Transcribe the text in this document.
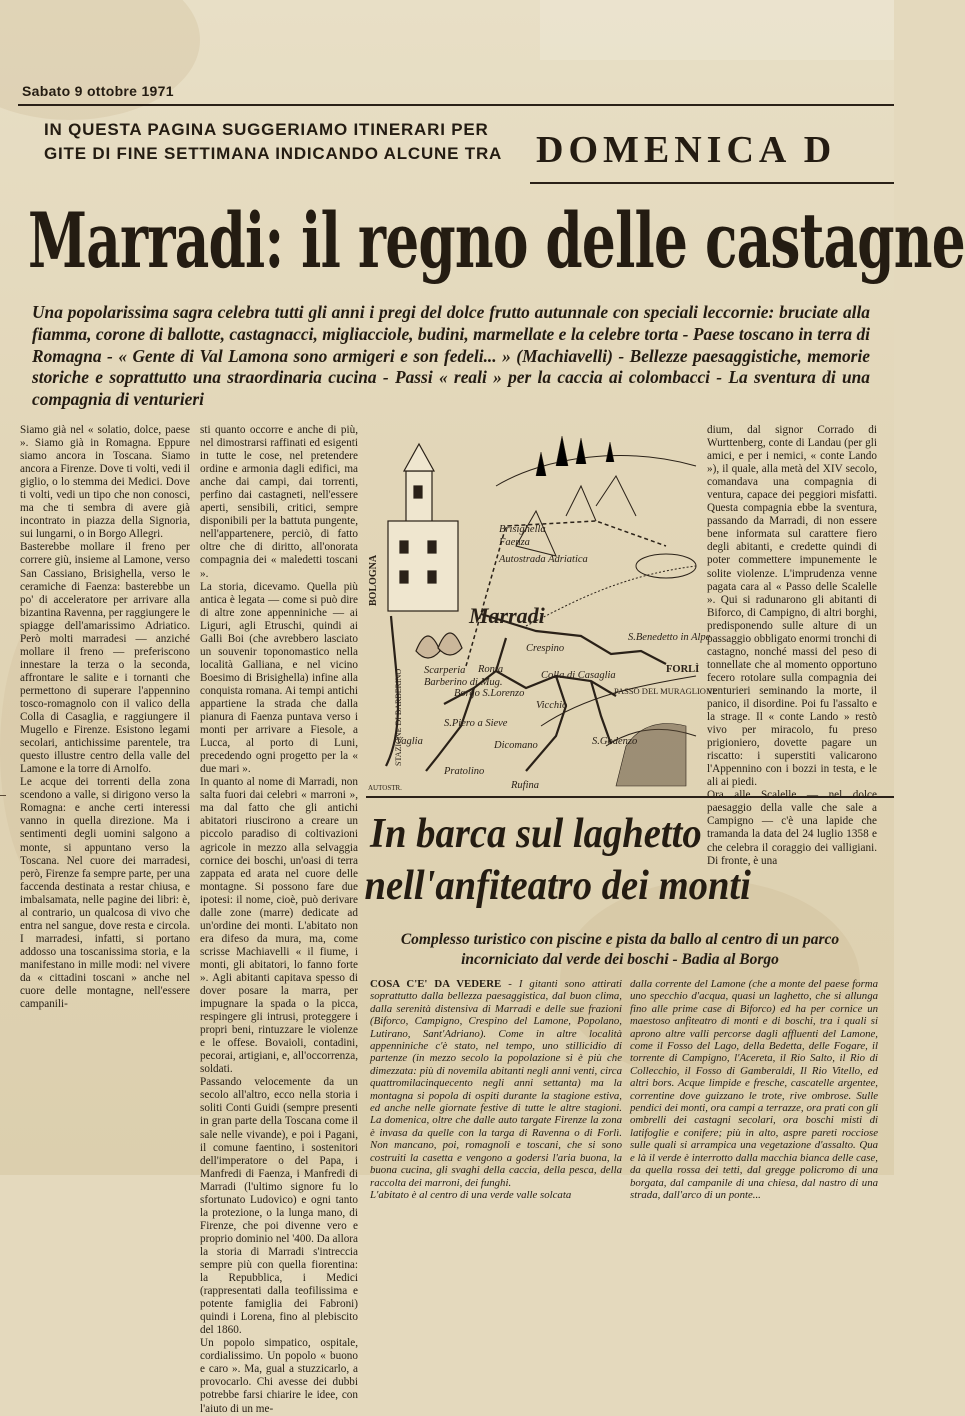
Sabato 9 ottobre 1971
IN QUESTA PAGINA SUGGERIAMO ITINERARI PER
GITE DI FINE SETTIMANA INDICANDO ALCUNE TRA DOMENICA D
Marradi: il regno delle castagne
Una popolarissima sagra celebra tutti gli anni i pregi del dolce frutto autunnale con speciali leccornie: bruciate alla fiamma, corone di ballotte, castagnacci, migliacciole, budini, marmellate e la celebre torta - Paese toscano in terra di Romagna - « Gente di Val Lamona sono armigeri e son fedeli... » (Machiavelli) - Bellezze paesaggistiche, memorie storiche e soprattutto una straordinaria cucina - Passi « reali » per la caccia ai colombacci - La sventura di una compagnia di venturieri
Siamo già nel « solatio, dolce, paese ». Siamo già in Romagna. Eppure siamo ancora in Toscana. Siamo ancora a Firenze. Dove ti volti, vedi il giglio, o lo stemma dei Medici. Dove ti volti, vedi un tipo che non conosci, ma che ti sembra di avere già incontrato in piazza della Signoria, sui lungarni, o in Borgo Allegri.
Basterebbe mollare il freno per correre giù, insieme al Lamone, verso San Cassiano, Brisighella, verso le ceramiche di Faenza: basterebbe un po' di acceleratore per arrivare alla bizantina Ravenna, per raggiungere le spiagge dell'amarissimo Adriatico. Però molti marradesi — anziché mollare il freno — preferiscono innestare la terza o la seconda, affrontare le salite e i tornanti che permettono di superare l'appennino tosco-romagnolo con il valico della Colla di Casaglia, e raggiungere il Mugello e Firenze. Esistono legami secolari, antichissime parentele, tra questo illustre centro della valle del Lamone e la torre di Arnolfo.
Le acque dei torrenti della zona scendono a valle, si dirigono verso la Romagna: e anche certi interessi vanno in quella direzione. Ma i sentimenti degli uomini salgono a monte, si appuntano verso la Toscana. Nel cuore dei marradesi, però, Firenze fa sempre parte, per una faccenda destinata a restar chiusa, e imbalsamata, nelle pagine dei libri: è, al contrario, un qualcosa di vivo che entra nel sangue, dove resta e circola. I marradesi, infatti, si portano addosso una toscanissima storia, e la manifestano in mille modi: nel vivere da « cittadini toscani » anche nel cuore delle montagne, nell'essere campanili-
sti quanto occorre e anche di più, nel dimostrarsi raffinati ed esigenti in tutte le cose, nel pretendere ordine e armonia dagli edifici, ma anche dai campi, dai torrenti, perfino dai castagneti, nell'essere aperti, sensibili, critici, sempre disponibili per la battuta pungente, nell'appartenere, perciò, di fatto oltre che di diritto, all'onorata compagnia dei « maledetti toscani ».
La storia, dicevamo. Quella più antica è legata — come si può dire di altre zone appenniniche — ai Liguri, agli Etruschi, quindi ai Galli Boi (che avrebbero lasciato un souvenir toponomastico nella località Galliana, e nel vicino Boesimo di Brisighella) infine alla conquista romana. Ai tempi antichi appartiene la strada che dalla pianura di Faenza puntava verso i monti per arrivare a Fiesole, a Lucca, al porto di Luni, precedendo ogni progetto per la « due mari ».
In quanto al nome di Marradi, non salta fuori dai celebri « marroni », ma dal fatto che gli antichi abitatori riuscirono a creare un piccolo paradiso di coltivazioni agricole in mezzo alla selvaggia cornice dei boschi, un'oasi di terra zappata ed arata nel cuore delle montagne. Si possono fare due ipotesi: il nome, cioè, può derivare dalle zone (marre) dedicate ad un'ordine dei monti. L'abitato non era difeso da mura, ma, come scrisse Machiavelli « il fiume, i monti, gli abitatori, lo fanno forte ». Agli abitanti capitava spesso di dover posare la marra, per impugnare la spada o la picca, respingere gli intrusi, proteggere i propri beni, rintuzzare le violenze e le offese. Bovaioli, contadini, pecorai, artigiani, e, all'occorrenza, soldati.
Passando velocemente da un secolo all'altro, ecco nella storia i soliti Conti Guidi (sempre presenti in gran parte della Toscana come il sale nelle vivande), e poi i Pagani, il comune faentino, i sostenitori dell'imperatore o del Papa, i Manfredi di Faenza, i Manfredi di Marradi (l'ultimo signore fu lo sfortunato Ludovico) e ogni tanto la protezione, o la lunga mano, di Firenze, che poi divenne vero e proprio dominio nel '400. Da allora la storia di Marradi s'intreccia sempre più con quella fiorentina: la Repubblica, i Medici (rappresentati dalla teofilissima e potente famiglia dei Fabroni) quindi i Lorena, fino al plebiscito del 1860.
Un popolo simpatico, ospitale, cordialissimo. Un popolo « buono e caro ». Ma, gual a stuzzicarlo, a provocarlo. Chi avesse dei dubbi potrebbe farsi chiarire le idee, con l'aiuto di un me-
dium, dal signor Corrado di Wurttenberg, conte di Landau (per gli amici, e per i nemici, « conte Lando »), il quale, alla metà del XIV secolo, comandava una compagnia di ventura, capace dei peggiori misfatti. Questa compagnia ebbe la sventura, passando da Marradi, di non essere bene informata sul carattere fiero degli abitanti, e credette quindi di poter commettere impunemente le solite violenze. L'imprudenza venne pagata cara al « Passo delle Scalelle ». Qui si radunarono gli abitanti di Biforco, di Campigno, di altri borghi, predisponendo sulle alture di un passaggio obbligato enormi tronchi di castagno, nonché massi del peso di tonnellate che al momento opportuno fecero rotolare sulla compagnia dei venturieri seminando la morte, il panico, il disordine. Poi fu l'assalto e la strage. Il « conte Lando » restò vivo per miracolo, fu preso prigioniero, dovette pagare un riscatto: i superstiti valicarono l'Appennino con i bozzi in testa, e le ali ai piedi.
paesaggio della valle che sale a Campigno — c'è una lapide che tramanda la data del 24 luglio 1358 e che celebra il coraggio dei valligiani. Di fronte, è una
Brisighella
Faenza
Autostrada Adriatica
BOLOGNA
Marradi
Crespino
S.Benedetto in Alpe
FORLÌ
STAZIONE DI BARBERINO Scarperia
Barberino di Mug.
Ronta
Borgo S.Lorenzo
Colla di Casaglia
PASSO DEL MURAGLIONE
Vicchio
S.Piero a Sieve
S.Godenzo
Vaglia	Dicomano
Pratolino
Rufina
AUTOSTR.
In barca sul laghetto
nell'anfiteatro dei monti
Complesso turistico con piscine e pista da ballo al centro di un parco incorniciato dal verde dei boschi - Badia al Borgo
COSA C'E' DA VEDERE - I gitanti sono attirati soprattutto dalla bellezza paesaggistica, dal buon clima, dalla serenità distensiva di Marradi e delle sue frazioni (Biforco, Campigno, Crespino del Lamone, Popolano, Lutirano, Sant'Adriano). Come in altre località appenniniche c'è stato, nel tempo, uno stillicidio di partenze (in mezzo secolo la popolazione si è più che dimezzata: più di novemila abitanti negli anni venti, circa quattromilacinquecento negli anni settanta) ma la montagna si popola di ospiti durante la stagione estiva, ed anche nelle giornate festive di tutte le altre stagioni. La domenica, oltre che dalle auto targate Firenze la zona è invasa da quelle con la targa di Ravenna o di Forlì. Non mancano, poi, romagnoli e toscani, che si sono costruiti la casetta e vengono a godersi l'aria buona, la buona cucina, gli svaghi della caccia, della pesca, della raccolta dei marroni, dei funghi.
L'abitato è al centro di una verde valle solcata
dalla corrente del Lamone (che a monte del paese forma uno specchio d'acqua, quasi un laghetto, che si allunga fino alle prime case di Biforco) ed ha per cornice un maestoso anfiteatro di monti e di boschi, tra i quali si aprono altre valli percorse dagli affluenti del Lamone, come il Fosso del Lago, della Bedetta, delle Fogare, il torrente di Campigno, l'Acereta, il Rio Salto, il Rio di Collecchio, il Fosso di Gamberaldi, Il Rio Vitello, ed altri bors. Acque limpide e fresche, cascatelle argentee, correntine dove guizzano le trote, rive ombrose. Sulle pendici dei monti, ora campi a terrazze, ora prati con gli ombrelli dei castagni secolari, ora boschi misti di latifoglie e conifere; più in alto, aspre pareti rocciose sulle quali si arrampica una vegetazione d'assalto. Qua e là il verde è interrotto dalla macchia bianca delle case, da quella rossa dei tetti, dal gregge policromo di una borgata, dal campanile di una chiesa, dal nastro di una strada, dall'arco di un ponte...
